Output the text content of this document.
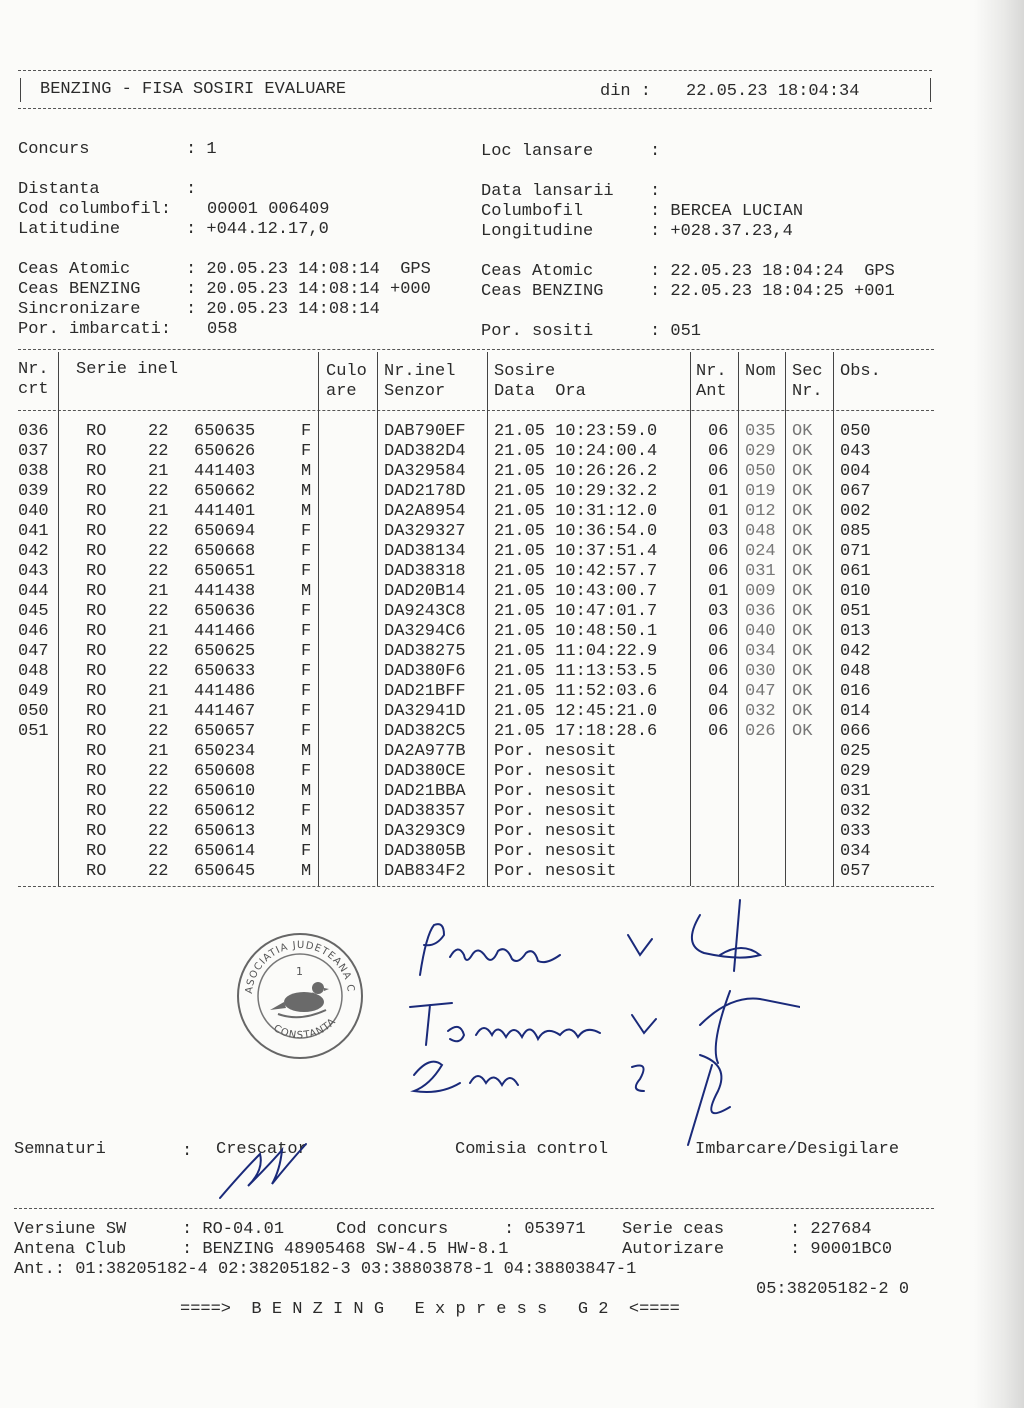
BENZING - FISA SOSIRI EVALUARE	din : 22.05.23 18:04:34
Concurs	: 1
Distanta	:
Cod columbofil: 00001 006409
Latitudine	: +044.12.17,0
Ceas Atomic	: 20.05.23 14:08:14  GPS
Ceas BENZING	: 20.05.23 14:08:14 +000
Sincronizare	: 20.05.23 14:08:14
Por. imbarcati: 058
Loc lansare	:
Data lansarii :
Columbofil	: BERCEA LUCIAN
Longitudine	: +028.37.23,4
Ceas Atomic	: 22.05.23 18:04:24  GPS
Ceas BENZING	: 22.05.23 18:04:25 +001
Por. sositi	: 051
Nr.
crt
Serie inel	Culo
are
Nr.inel
Senzor
Sosire
Data  Ora
Nr.
Ant
Nom Sec
Nr.
Obs.
036 RO 22 650635	F	DAB790EF 21.05 10:23:59.0	06 035 OK 050
037 RO 22 650626	F	DAD382D4 21.05 10:24:00.4	06 029 OK 043
038 RO 21 441403	M	DA329584 21.05 10:26:26.2	06 050 OK 004
039 RO 22 650662	M	DAD2178D 21.05 10:29:32.2	01 019 OK 067
040 RO 21 441401	M	DA2A8954 21.05 10:31:12.0	01 012 OK 002
041 RO 22 650694	F	DA329327 21.05 10:36:54.0	03 048 OK 085
042 RO 22 650668	F	DAD38134 21.05 10:37:51.4	06 024 OK 071
043 RO 22 650651	F	DAD38318 21.05 10:42:57.7	06 031 OK 061
044 RO 21 441438	M	DAD20B14 21.05 10:43:00.7	01 009 OK 010
045 RO 22 650636	F	DA9243C8 21.05 10:47:01.7	03 036 OK 051
046 RO 21 441466	F	DA3294C6 21.05 10:48:50.1	06 040 OK 013
047 RO 22 650625	F	DAD38275 21.05 11:04:22.9	06 034 OK 042
048 RO 22 650633	F	DAD380F6 21.05 11:13:53.5	06 030 OK 048
049 RO 21 441486	F	DAD21BFF 21.05 11:52:03.6	04 047 OK 016
050 RO 21 441467	F	DA32941D 21.05 12:45:21.0	06 032 OK 014
051 RO 22 650657	F	DAD382C5 21.05 17:18:28.6	06 026 OK 066
RO 21 650234	M	DA2A977B Por. nesosit	025
RO 22 650608	F	DAD380CE Por. nesosit	029
RO 22 650610	M	DAD21BBA Por. nesosit	031
RO 22 650612	F	DAD38357 Por. nesosit	032
RO 22 650613	M	DA3293C9 Por. nesosit	033
RO 22 650614	F	DAD3805B Por. nesosit	034
RO 22 650645	M	DAB834F2 Por. nesosit	057
ASOCIATIA JUDETEANA C
CONSTANTA
1
Semnaturi	: Crescator	Comisia control	Imbarcare/Desigilare
Versiune SW	: RO-04.01	Cod concurs	: 053971 Serie ceas	: 227684
Antena Club	: BENZING 48905468 SW-4.5 HW-8.1	Autorizare	: 90001BC0
Ant.: 01:38205182-4 02:38205182-3 03:38803878-1 04:38803847-1
05:38205182-2 0
====>  B E N Z I N G   E x p r e s s   G 2  <====
